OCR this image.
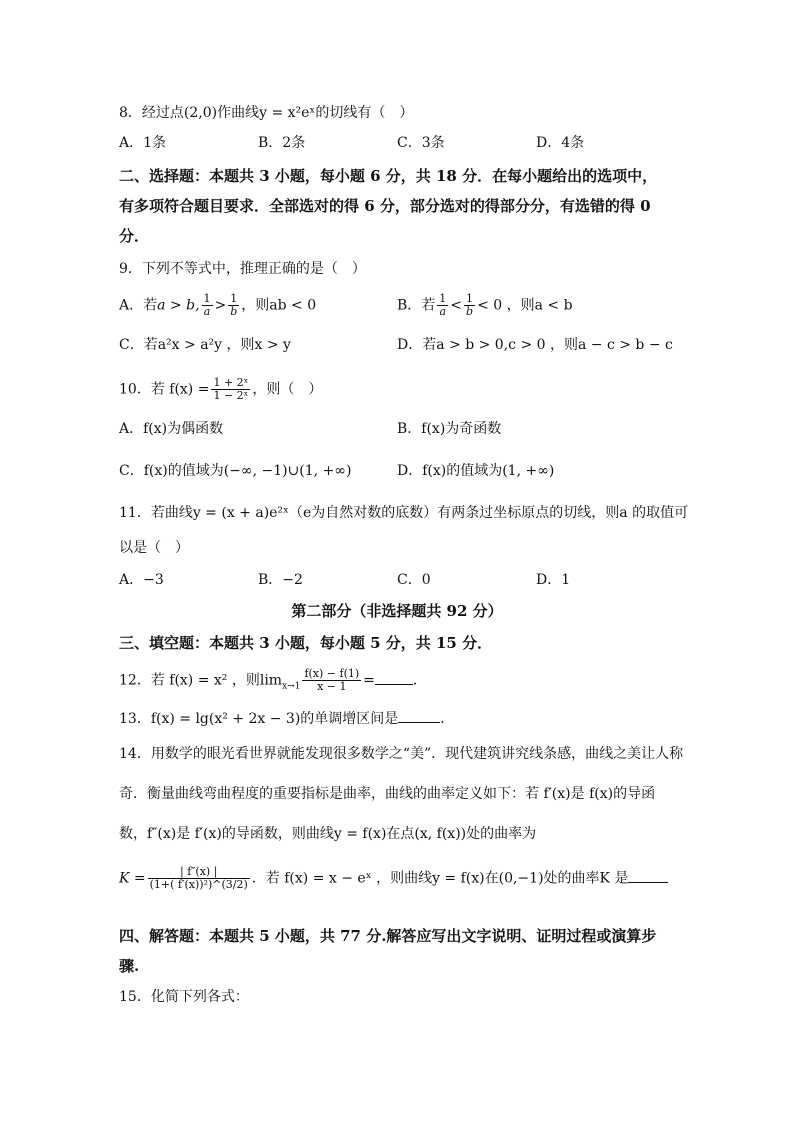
8．经过点(2,0)作曲线y = x²eˣ的切线有（　）
A．1条	B．2条	C．3条	D．4条
二、选择题：本题共 3 小题，每小题 6 分，共 18 分．在每小题给出的选项中，
有多项符合题目要求．全部选对的得 6 分，部分选对的得部分分，有选错的得 0
分．
9．下列不等式中，推理正确的是（　）
A．若a > b, $\frac{1}{a} > \frac{1}{b}$ ，则ab < 0	B．若 $\frac{1}{a} < \frac{1}{b} < 0$ ，则a < b
C．若a²x > a²y ，则x > y	D．若a > b > 0,c > 0 ，则a − c > b − c
10．若 $f(x) = \frac{\text{1 + 2ˣ}}{\text{1 − 2ˣ}}$ ，则（　）
A．f(x)为偶函数	B．f(x)为奇函数
C．f(x)的值域为(−∞, −1)∪(1, +∞)	D．f(x)的值域为(1, +∞)
11．若曲线y = (x + a)e²ˣ（e为自然对数的底数）有两条过坐标原点的切线，则a 的取值可
以是（　）
A．−3	B．−2	C．0	D．1
第二部分（非选择题共 92 分）
三、填空题：本题共 3 小题，每小题 5 分，共 15 分．
12．若 f(x) = x² ，则$\lim_{x\to 1} \frac{f(x) - f(1)}{x - 1}$ =	．
13．f(x) = lg(x² + 2x − 3)的单调增区间是	．
14．用数学的眼光看世界就能发现很多数学之“美”．现代建筑讲究线条感，曲线之美让人称
奇．衡量曲线弯曲程度的重要指标是曲率，曲线的曲率定义如下：若 f′(x)是 f(x)的导函
数，f″(x)是 f′(x)的导函数，则曲线y = f(x)在点(x, f(x))处的曲率为
$K = \frac{| f''(x) |}{\text{(1+( f′(x))²)\textasciicircum{}(3/2)}}$ ．若 f(x) = x − eˣ ，则曲线y = f(x)在(0,−1)处的曲率K 是
四、解答题：本题共 5 小题，共 77 分.解答应写出文字说明、证明过程或演算步
骤.
15．化简下列各式：
